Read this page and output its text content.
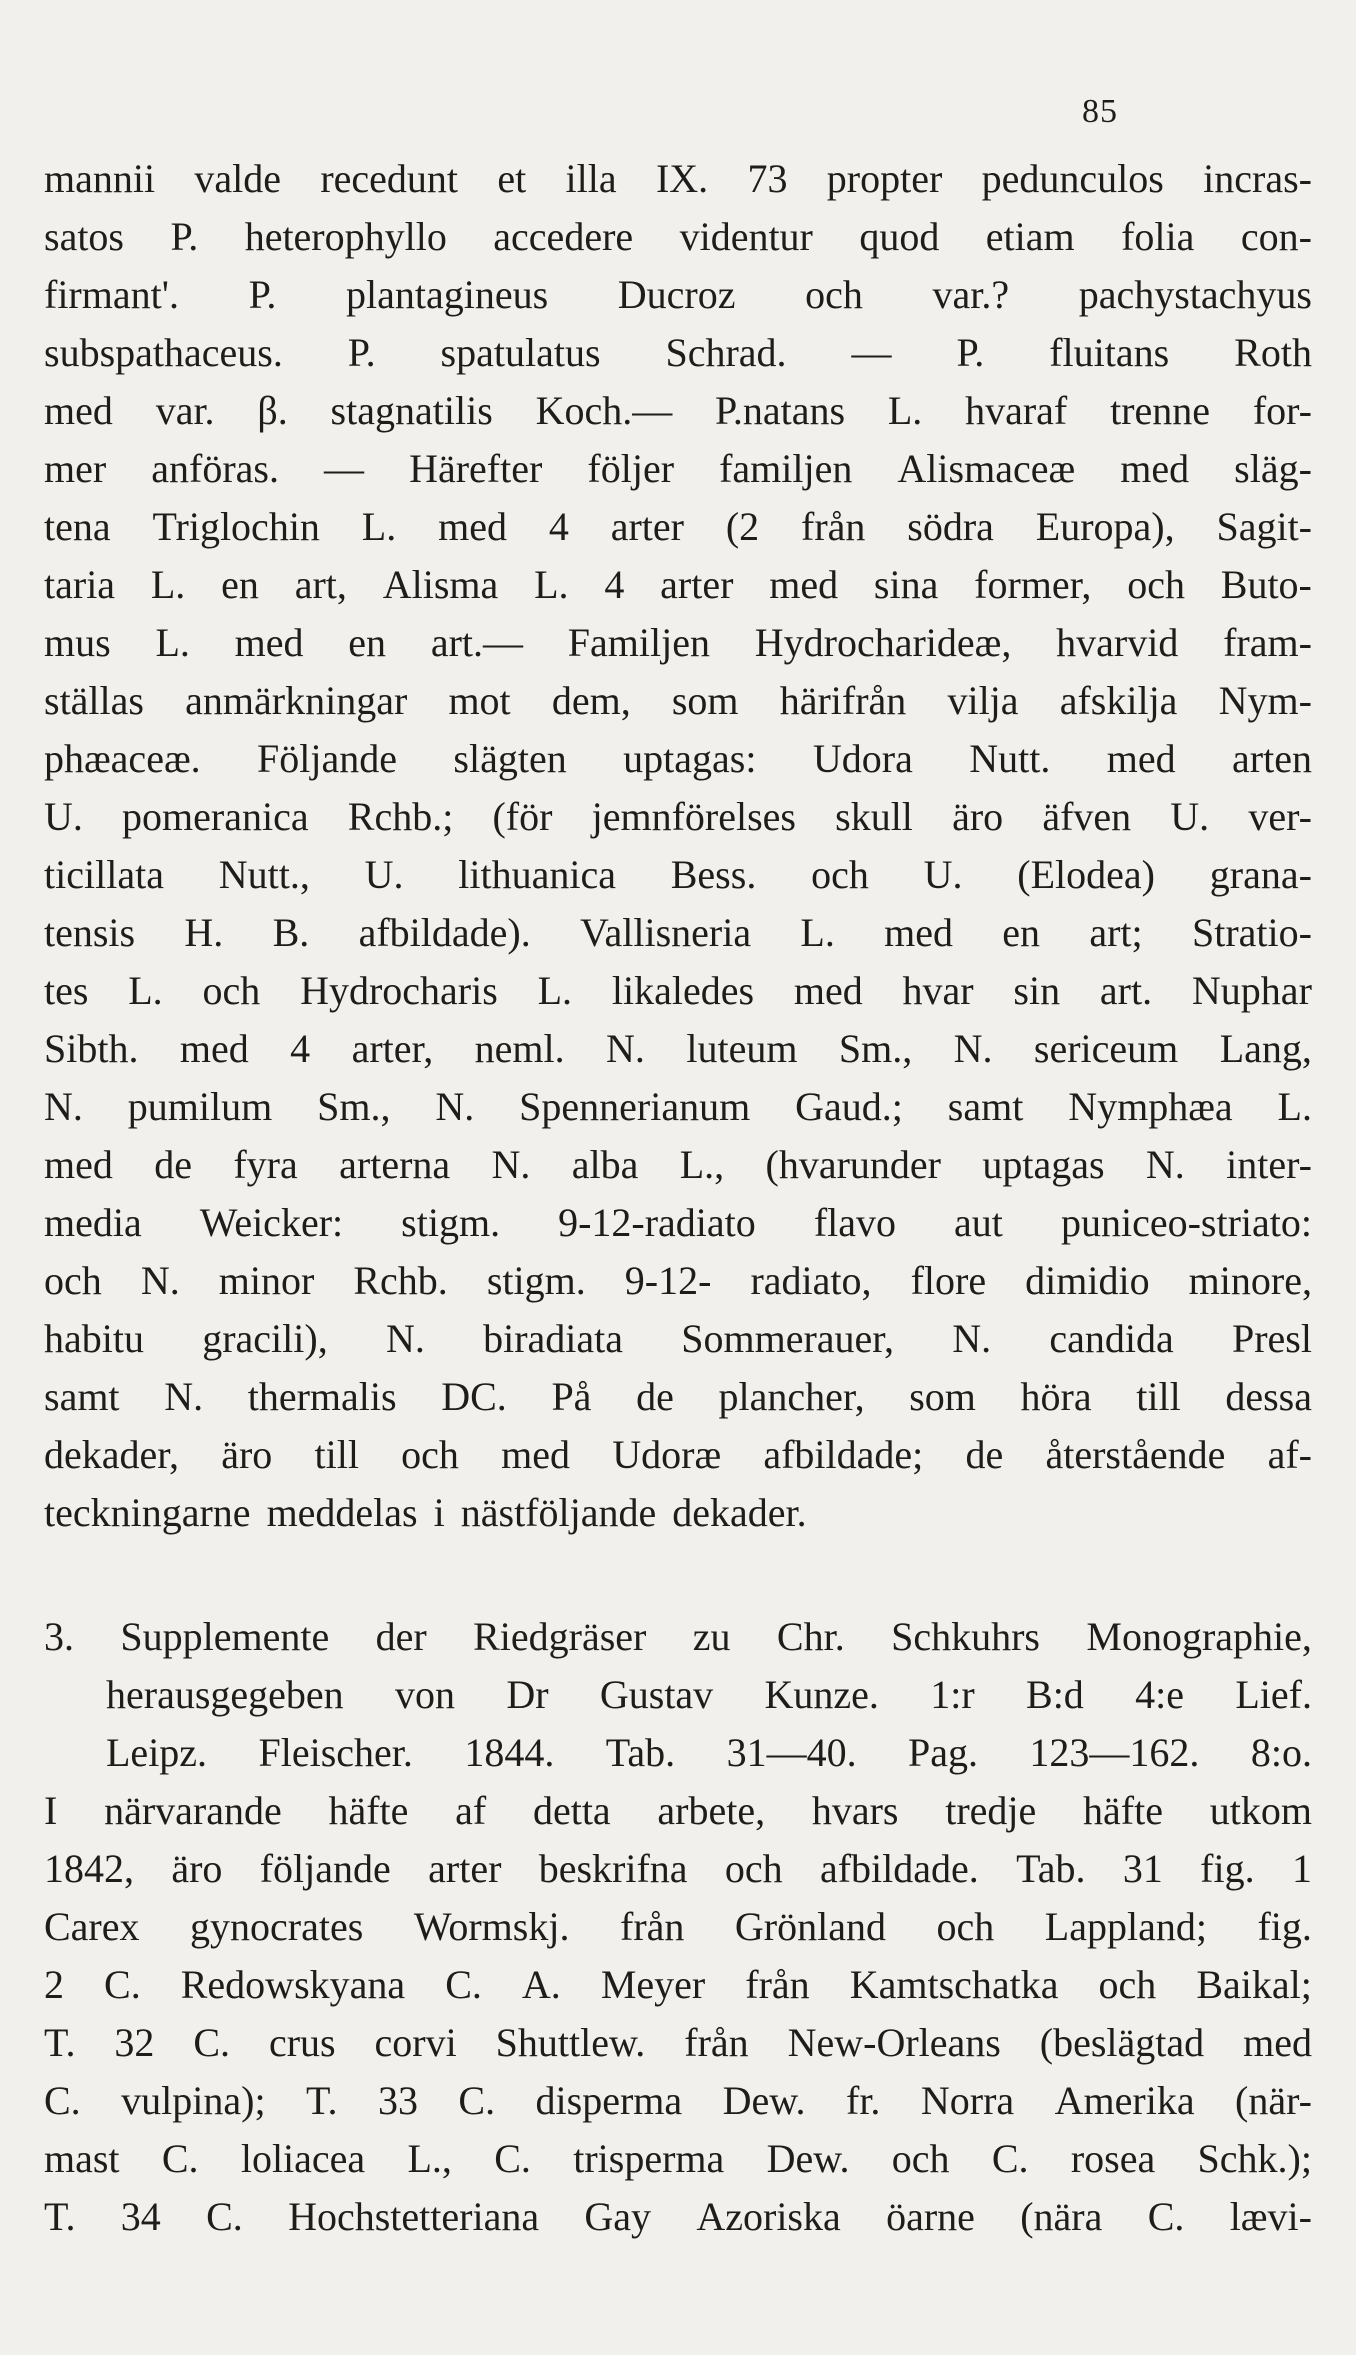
85
mannii valde recedunt et illa IX. 73 propter pedunculos incras-
satos P. heterophyllo accedere videntur quod etiam folia con-
firmant'. P. plantagineus Ducroz och var.? pachystachyus
subspathaceus. P. spatulatus Schrad. — P. fluitans Roth
med var. β. stagnatilis Koch.— P.natans L. hvaraf trenne for-
mer anföras. — Härefter följer familjen Alismaceæ med släg-
tena Triglochin L. med 4 arter (2 från södra Europa), Sagit-
taria L. en art, Alisma L. 4 arter med sina former, och Buto-
mus L. med en art.— Familjen Hydrocharideæ, hvarvid fram-
ställas anmärkningar mot dem, som härifrån vilja afskilja Nym-
phæaceæ. Följande slägten uptagas: Udora Nutt. med arten
U. pomeranica Rchb.; (för jemnförelses skull äro äfven U. ver-
ticillata Nutt., U. lithuanica Bess. och U. (Elodea) grana-
tensis H. B. afbildade). Vallisneria L. med en art; Stratio-
tes L. och Hydrocharis L. likaledes med hvar sin art. Nuphar
Sibth. med 4 arter, neml. N. luteum Sm., N. sericeum Lang,
N. pumilum Sm., N. Spennerianum Gaud.; samt Nymphæa L.
med de fyra arterna N. alba L., (hvarunder uptagas N. inter-
media Weicker: stigm. 9-12-radiato flavo aut puniceo-striato:
och N. minor Rchb. stigm. 9-12- radiato, flore dimidio minore,
habitu gracili), N. biradiata Sommerauer, N. candida Presl
samt N. thermalis DC. På de plancher, som höra till dessa
dekader, äro till och med Udoræ afbildade; de återstående af-
teckningarne meddelas i nästföljande dekader.
3. Supplemente der Riedgräser zu Chr. Schkuhrs Monographie,
herausgegeben von Dr Gustav Kunze. 1:r B:d 4:e Lief.
Leipz. Fleischer. 1844. Tab. 31—40. Pag. 123—162. 8:o.
I närvarande häfte af detta arbete, hvars tredje häfte utkom
1842, äro följande arter beskrifna och afbildade. Tab. 31 fig. 1
Carex gynocrates Wormskj. från Grönland och Lappland; fig.
2 C. Redowskyana C. A. Meyer från Kamtschatka och Baikal;
T. 32 C. crus corvi Shuttlew. från New-Orleans (beslägtad med
C. vulpina); T. 33 C. disperma Dew. fr. Norra Amerika (när-
mast C. loliacea L., C. trisperma Dew. och C. rosea Schk.);
T. 34 C. Hochstetteriana Gay Azoriska öarne (nära C. lævi-
